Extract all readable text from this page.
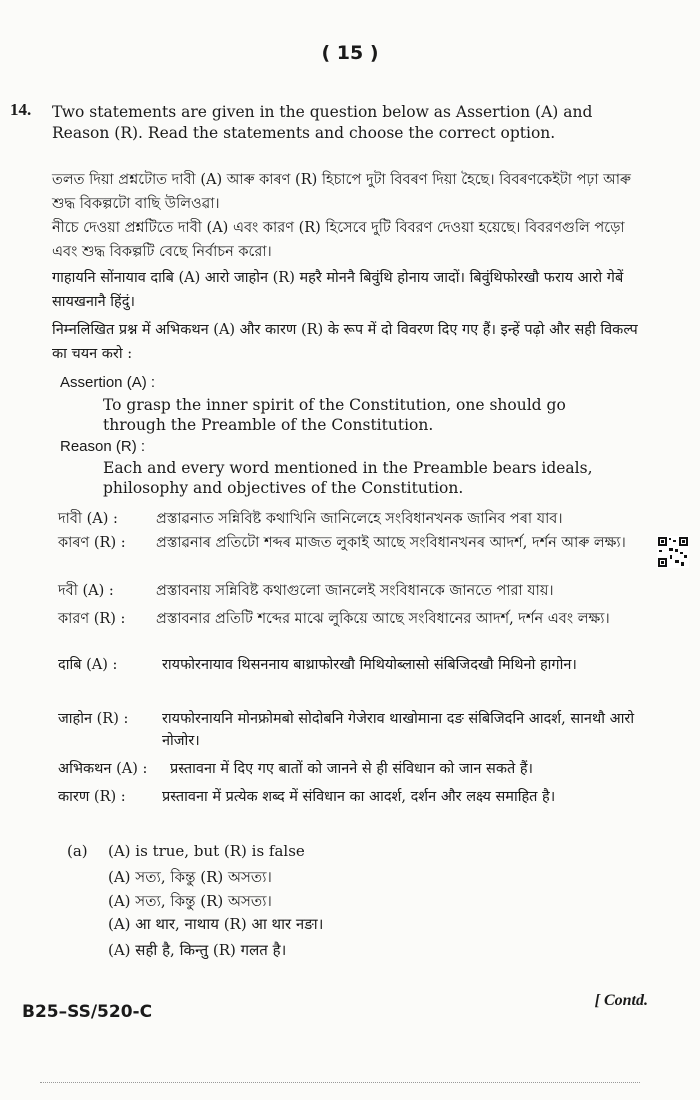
( 15 )
14. Two statements are given in the question below as Assertion (A) and Reason (R). Read the statements and choose the correct option.
তলত দিয়া প্ৰশ্নটোত দাবী (A) আৰু কাৰণ (R) হিচাপে দুটা বিবৰণ দিয়া হৈছে। বিবৰণকেইটা পঢ়া আৰু শুদ্ধ বিকল্পটো বাছি উলিওৱা।
নীচে দেওয়া প্রশ্নটিতে দাবী (A) এবং কারণ (R) হিসেবে দুটি বিবরণ দেওয়া হয়েছে। বিবরণগুলি পড়ো এবং শুদ্ধ বিকল্পটি বেছে নির্বাচন করো।
गाहायनि सोंनायाव दाबि (A) आरो जाहोन (R) महरै मोननै बिवुंथि होनाय जादों। बिवुंथिफोरखौ फराय आरो गेबें सायखनानै हिंदुं।
निम्नलिखित प्रश्न में अभिकथन (A) और कारण (R) के रूप में दो विवरण दिए गए हैं। इन्हें पढ़ो और सही विकल्प का चयन करो :
Assertion (A) :
To grasp the inner spirit of the Constitution, one should go through the Preamble of the Constitution.
Reason (R) :
Each and every word mentioned in the Preamble bears ideals, philosophy and objectives of the Constitution.
দাবী (A) :	প্ৰস্তাৱনাত সন্নিবিষ্ট কথাখিনি জানিলেহে সংবিধানখনক জানিব পৰা যাব।
কাৰণ (R) :	প্ৰস্তাৱনাৰ প্ৰতিটো শব্দৰ মাজত লুকাই আছে সংবিধানখনৰ আদৰ্শ, দৰ্শন আৰু লক্ষ্য।
দবী (A) :	প্রস্তাবনায় সন্নিবিষ্ট কথাগুলো জানলেই সংবিধানকে জানতে পারা যায়।
কারণ (R) :	প্রস্তাবনার প্রতিটি শব্দের মাঝে লুকিয়ে আছে সংবিধানের আদর্শ, দর্শন এবং লক্ষ্য।
दाबि (A) :	रायफोरनायाव थिसननाय बाथ्राफोरखौ मिथियोब्लासो संबिजिदखौ मिथिनो हागोन।
जाहोन (R) :	रायफोरनायनि मोनफ्रोमबो सोदोबनि गेजेराव थाखोमाना दङ संबिजिदनि आदर्श, सानथौ आरो नोजोर।
अभिकथन (A) :	प्रस्तावना में दिए गए बातों को जानने से ही संविधान को जान सकते हैं।
कारण (R) :	प्रस्तावना में प्रत्येक शब्द में संविधान का आदर्श, दर्शन और लक्ष्य समाहित है।
(a) (A) is true, but (R) is false
(A) সত্য, কিন্তু (R) অসত্য।
(A) সত্য, কিন্তু (R) অসত্য।
(A) आ थार, नाथाय (R) आ थार नङा।
(A) सही है, किन्तु (R) गलत है।
B25–SS/520-C
[ Contd.
